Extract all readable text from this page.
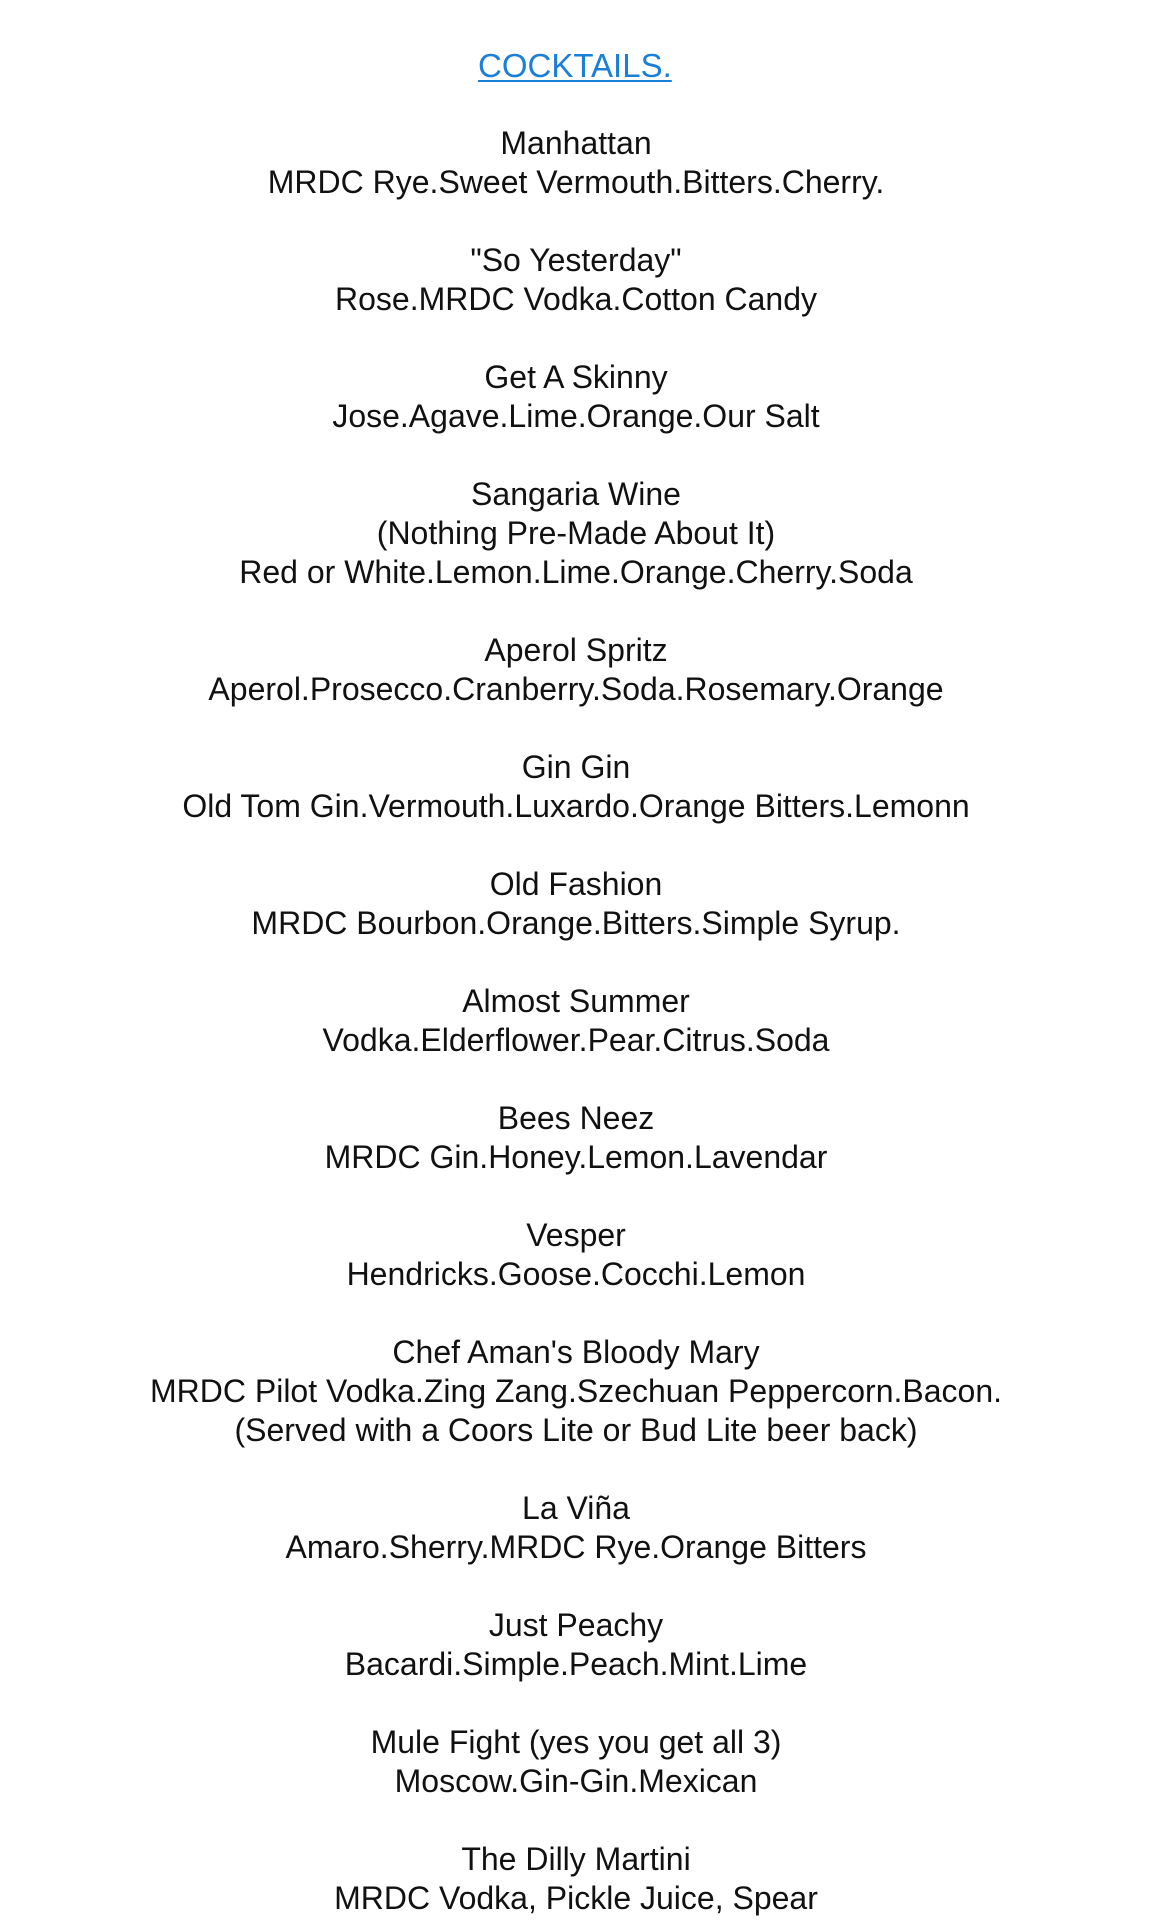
COCKTAILS.
Manhattan
MRDC Rye.Sweet Vermouth.Bitters.Cherry.
"So Yesterday"
Rose.MRDC Vodka.Cotton Candy
Get A Skinny
Jose.Agave.Lime.Orange.Our Salt
Sangaria Wine
(Nothing Pre-Made About It)
Red or White.Lemon.Lime.Orange.Cherry.Soda
Aperol Spritz
Aperol.Prosecco.Cranberry.Soda.Rosemary.Orange
Gin Gin
Old Tom Gin.Vermouth.Luxardo.Orange Bitters.Lemonn
Old Fashion
MRDC Bourbon.Orange.Bitters.Simple Syrup.
Almost Summer
Vodka.Elderflower.Pear.Citrus.Soda
Bees Neez
MRDC Gin.Honey.Lemon.Lavendar
Vesper
Hendricks.Goose.Cocchi.Lemon
Chef Aman's Bloody Mary
MRDC Pilot Vodka.Zing Zang.Szechuan Peppercorn.Bacon.
(Served with a Coors Lite or Bud Lite beer back)
La Viña
Amaro.Sherry.MRDC Rye.Orange Bitters
Just Peachy
Bacardi.Simple.Peach.Mint.Lime
Mule Fight (yes you get all 3)
Moscow.Gin-Gin.Mexican
The Dilly Martini
MRDC Vodka, Pickle Juice, Spear
